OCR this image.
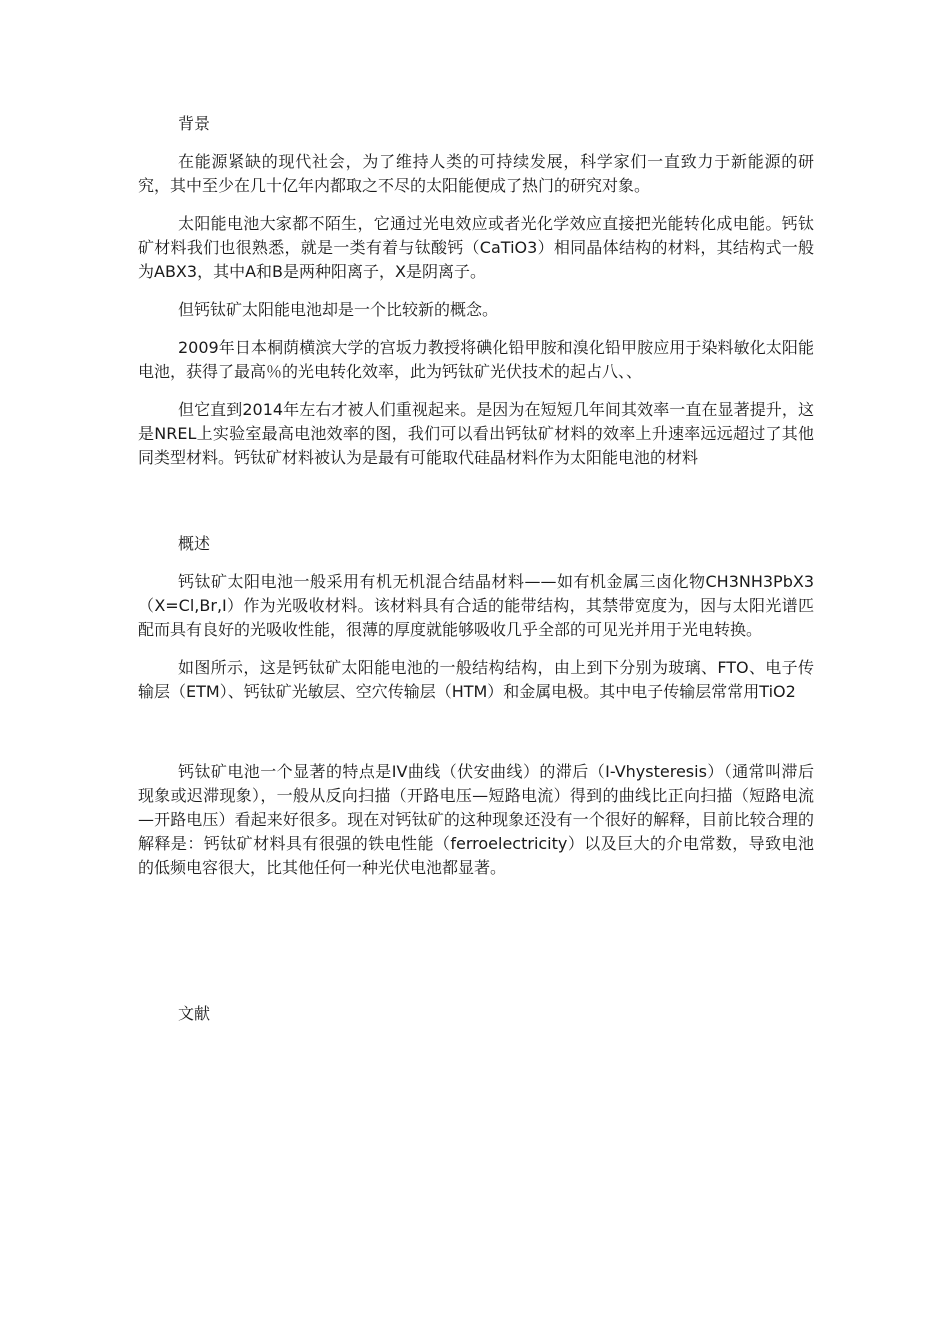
背景

在能源紧缺的现代社会，为了维持人类的可持续发展，科学家们一直致力于新能源的研究，其中至少在几十亿年内都取之不尽的太阳能便成了热门的研究对象。

太阳能电池大家都不陌生，它通过光电效应或者光化学效应直接把光能转化成电能。钙钛矿材料我们也很熟悉，就是一类有着与钛酸钙（CaTiO3）相同晶体结构的材料，其结构式一般为ABX3，其中A和B是两种阳离子，X是阴离子。

但钙钛矿太阳能电池却是一个比较新的概念。

2009年日本桐荫横滨大学的宫坂力教授将碘化铅甲胺和溴化铅甲胺应用于染料敏化太阳能电池，获得了最高％的光电转化效率，此为钙钛矿光伏技术的起占八、、

但它直到2014年左右才被人们重视起来。是因为在短短几年间其效率一直在显著提升，这是NREL上实验室最高电池效率的图，我们可以看出钙钛矿材料的效率上升速率远远超过了其他同类型材料。钙钛矿材料被认为是最有可能取代硅晶材料作为太阳能电池的材料

概述

钙钛矿太阳电池一般采用有机无机混合结晶材料——如有机金属三卤化物CH3NH3PbX3（X=Cl,Br,I）作为光吸收材料。该材料具有合适的能带结构，其禁带宽度为，因与太阳光谱匹配而具有良好的光吸收性能，很薄的厚度就能够吸收几乎全部的可见光并用于光电转换。

如图所示，这是钙钛矿太阳能电池的一般结构结构，由上到下分别为玻璃、FTO、电子传输层（ETM）、钙钛矿光敏层、空穴传输层（HTM）和金属电极。其中电子传输层常常用TiO2

钙钛矿电池一个显著的特点是IV曲线（伏安曲线）的滞后（I-Vhysteresis）（通常叫滞后现象或迟滞现象），一般从反向扫描（开路电压—短路电流）得到的曲线比正向扫描（短路电流—开路电压）看起来好很多。现在对钙钛矿的这种现象还没有一个很好的解释，目前比较合理的解释是：钙钛矿材料具有很强的铁电性能（ferroelectricity）以及巨大的介电常数，导致电池的低频电容很大，比其他任何一种光伏电池都显著。

文献
